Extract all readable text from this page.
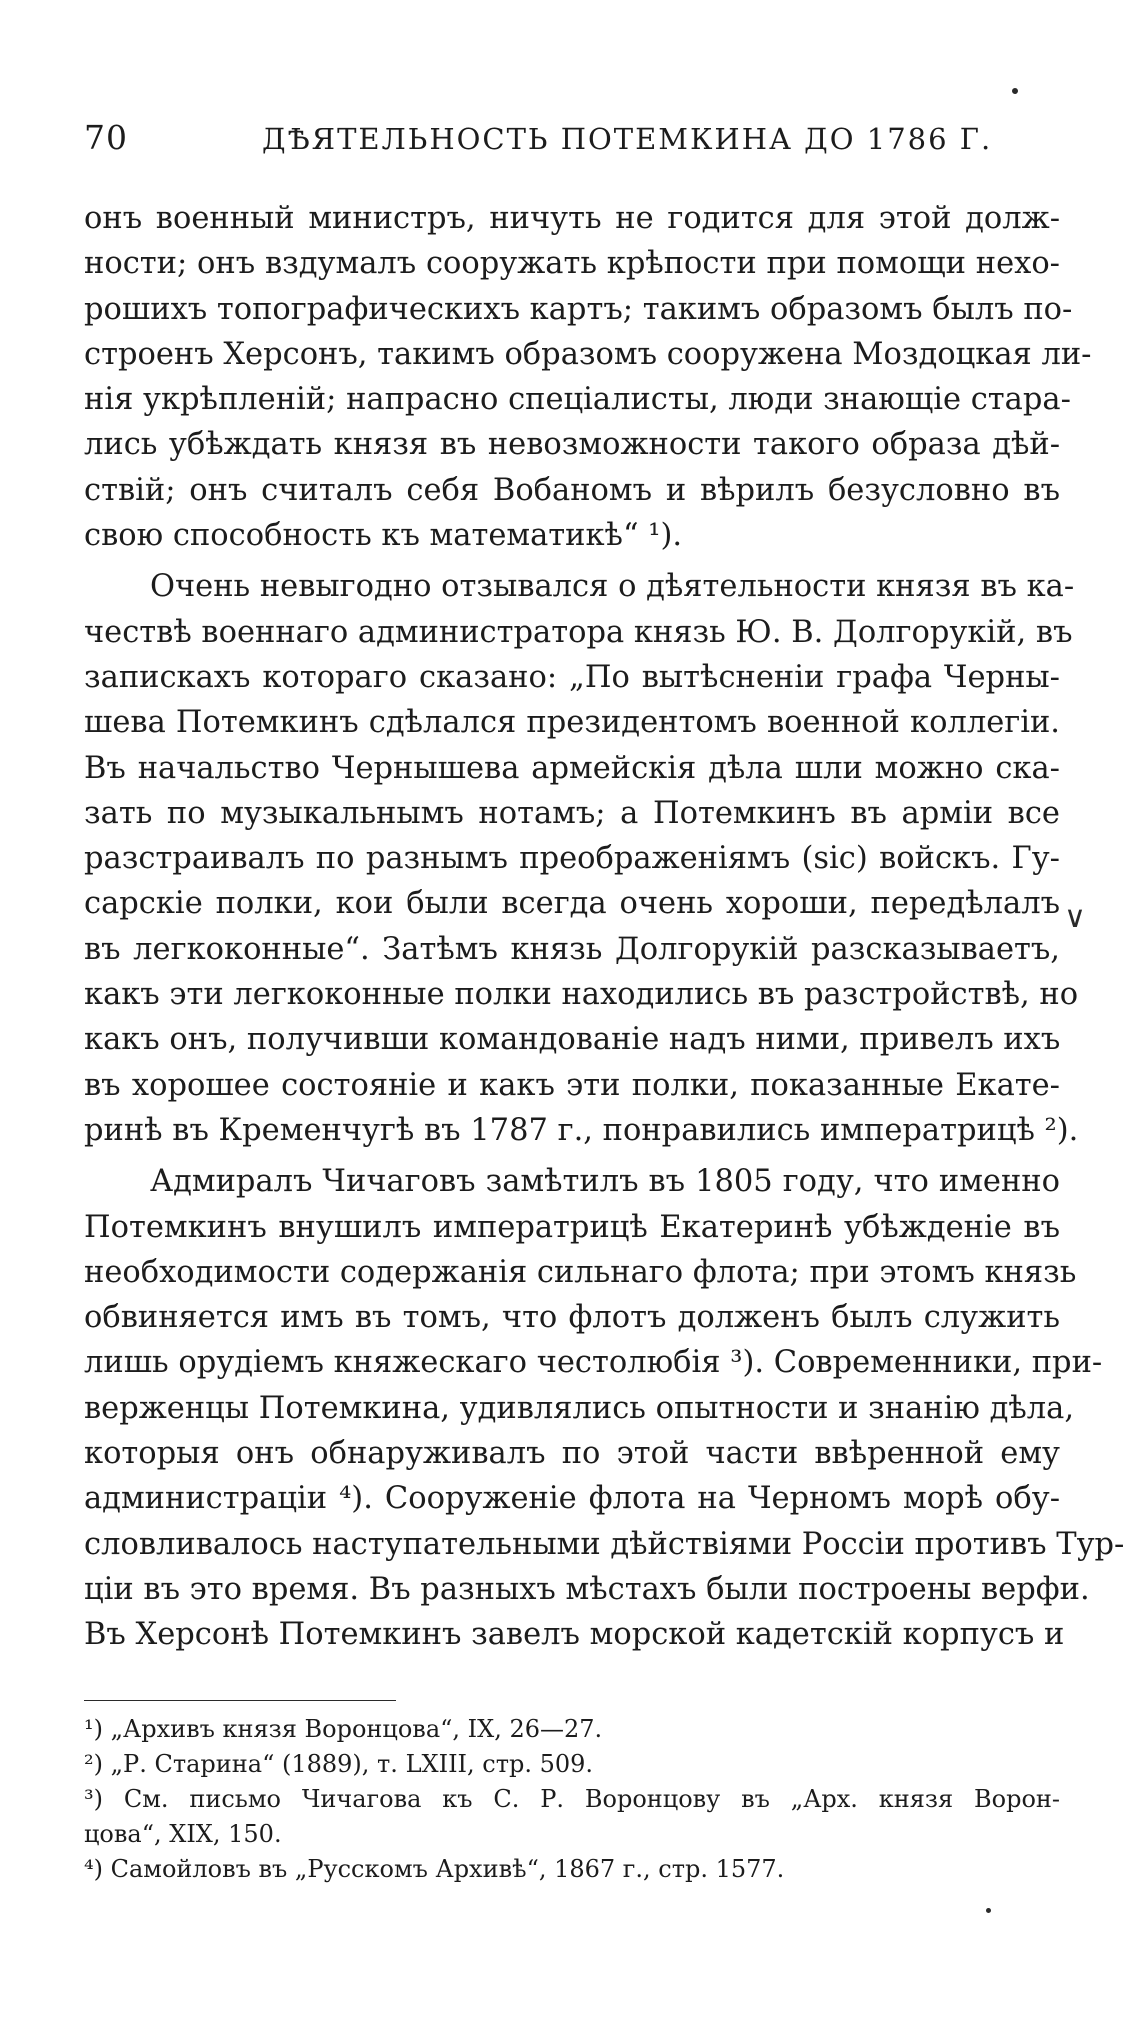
70	ДѢЯТЕЛЬНОСТЬ ПОТЕМКИНА ДО 1786 Г.
онъ военный министръ, ничуть не годится для этой долж-
ности; онъ вздумалъ сооружать крѣпости при помощи нехо-
рошихъ топографическихъ картъ; такимъ образомъ былъ по-
строенъ Херсонъ, такимъ образомъ сооружена Моздоцкая ли-
нія укрѣпленій; напрасно спеціалисты, люди знающіе стара-
лись убѣждать князя въ невозможности такого образа дѣй-
ствій; онъ считалъ себя Вобаномъ и вѣрилъ безусловно въ
свою способность къ математикѣ“ ¹).
Очень невыгодно отзывался о дѣятельности князя въ ка-
чествѣ военнаго администратора князь Ю. В. Долгорукій, въ
запискахъ котораго сказано: „По вытѣсненіи графа Черны-
шева Потемкинъ сдѣлался президентомъ военной коллегіи.
Въ начальство Чернышева армейскія дѣла шли можно ска-
зать по музыкальнымъ нотамъ; а Потемкинъ въ арміи все
разстраивалъ по разнымъ преображеніямъ (sic) войскъ. Гу-
сарскіе полки, кои были всегда очень хороши, передѣлалъ
въ легкоконные“. Затѣмъ князь Долгорукій разсказываетъ,
какъ эти легкоконные полки находились въ разстройствѣ, но
какъ онъ, получивши командованіе надъ ними, привелъ ихъ
въ хорошее состояніе и какъ эти полки, показанные Екате-
ринѣ въ Кременчугѣ въ 1787 г., понравились императрицѣ ²).
Адмиралъ Чичаговъ замѣтилъ въ 1805 году, что именно
Потемкинъ внушилъ императрицѣ Екатеринѣ убѣжденіе въ
необходимости содержанія сильнаго флота; при этомъ князь
обвиняется имъ въ томъ, что флотъ долженъ былъ служить
лишь орудіемъ княжескаго честолюбія ³). Современники, при-
верженцы Потемкина, удивлялись опытности и знанію дѣла,
которыя онъ обнаруживалъ по этой части ввѣренной ему
администраціи ⁴). Сооруженіе флота на Черномъ морѣ обу-
словливалось наступательными дѣйствіями Россіи противъ Тур-
ціи въ это время. Въ разныхъ мѣстахъ были построены верфи.
Въ Херсонѣ Потемкинъ завелъ морской кадетскій корпусъ и
¹) „Архивъ князя Воронцова“, IX, 26—27.
²) „Р. Старина“ (1889), т. LXIII, стр. 509.
³) См. письмо Чичагова къ С. Р. Воронцову въ „Арх. князя Ворон-
цова“, XIX, 150.
⁴) Самойловъ въ „Русскомъ Архивѣ“, 1867 г., стр. 1577.
∨
